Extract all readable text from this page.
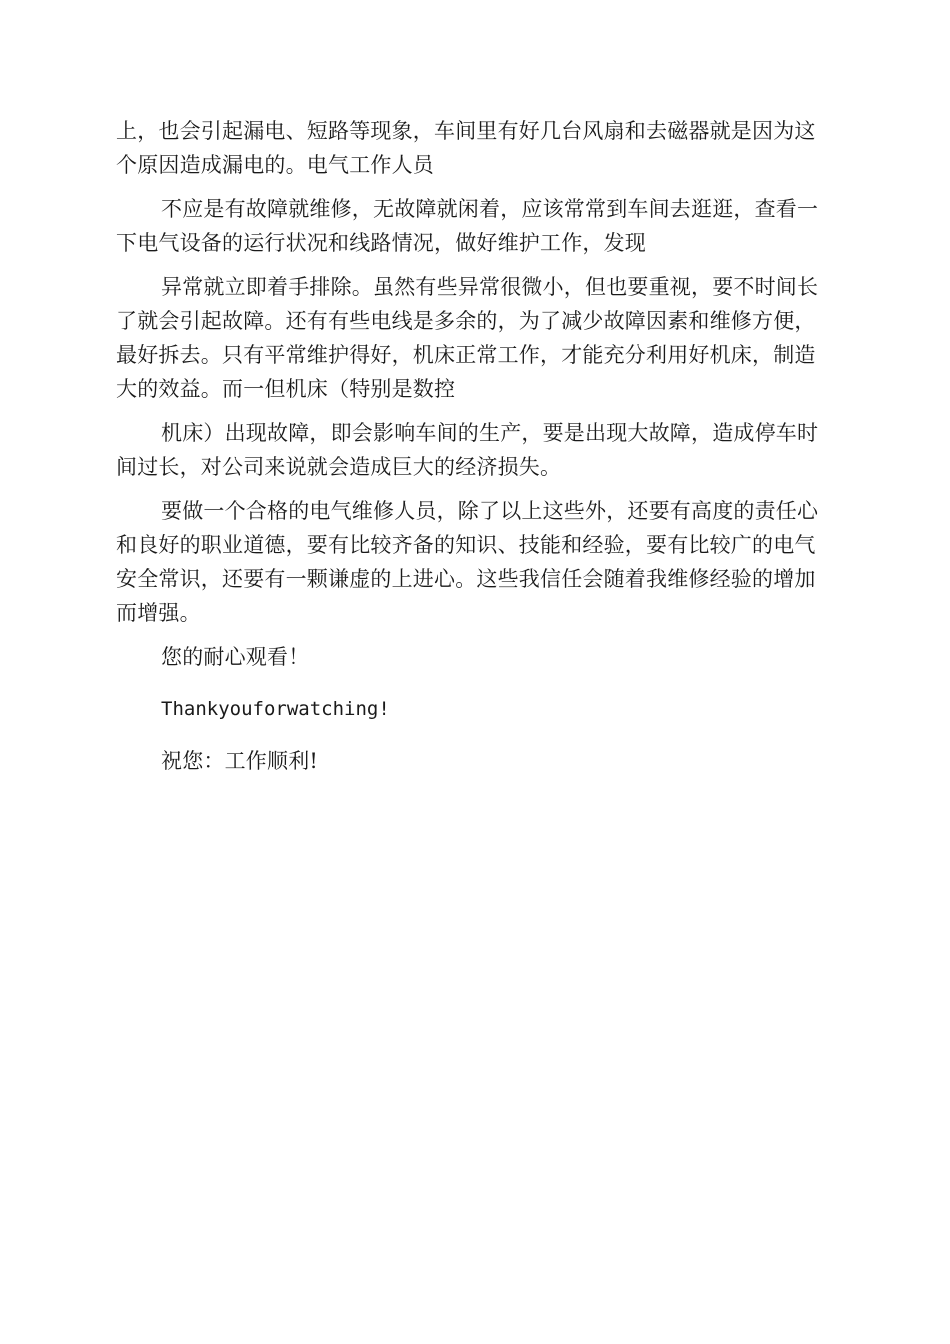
上，也会引起漏电、短路等现象，车间里有好几台风扇和去磁器就是因为这个原因造成漏电的。电气工作人员

不应是有故障就维修，无故障就闲着，应该常常到车间去逛逛，查看一下电气设备的运行状况和线路情况，做好维护工作，发现

异常就立即着手排除。虽然有些异常很微小，但也要重视，要不时间长了就会引起故障。还有有些电线是多余的，为了减少故障因素和维修方便，最好拆去。只有平常维护得好，机床正常工作，才能充分利用好机床，制造大的效益。而一但机床（特别是数控

机床）出现故障，即会影响车间的生产，要是出现大故障，造成停车时间过长，对公司来说就会造成巨大的经济损失。

要做一个合格的电气维修人员，除了以上这些外，还要有高度的责任心和良好的职业道德，要有比较齐备的知识、技能和经验，要有比较广的电气安全常识，还要有一颗谦虚的上进心。这些我信任会随着我维修经验的增加而增强。

您的耐心观看！

Thankyouforwatching!

祝您：工作顺利!
